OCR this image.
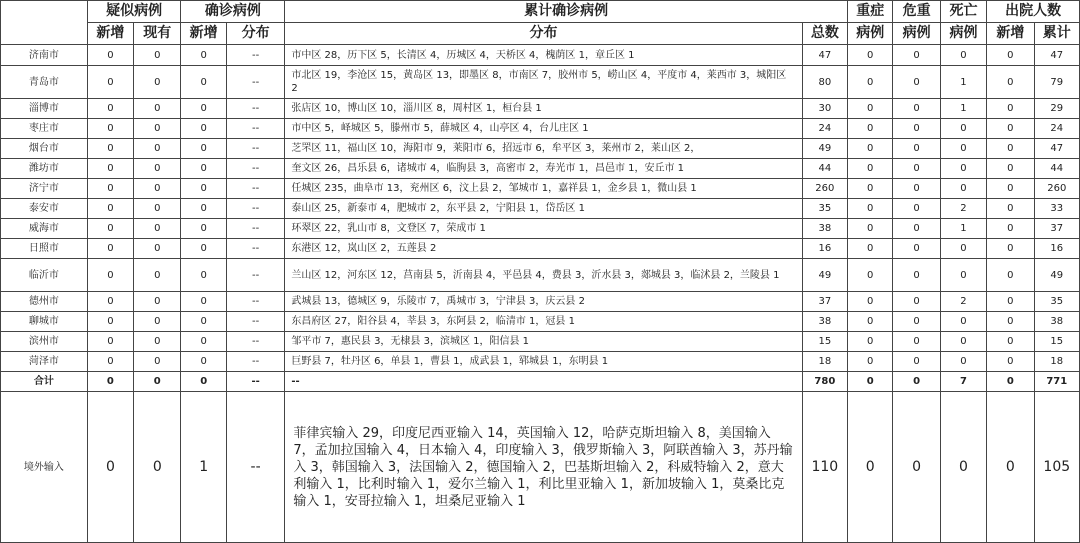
	疑似病例		确诊病例		累计确诊病例		重症	危重	死亡	出院人数	
	新增	现有	新增	分布	分布	总数	病例	病例	病例	新增	累计
济南市	0	0	0	--	市中区 28，历下区 5，长清区 4，历城区 4，天桥区 4，槐荫区 1，章丘区 1	47	0	0	0	0	47
青岛市	0	0	0	--	市北区 19，李沧区 15，黄岛区 13，即墨区 8，市南区 7，胶州市 5，崂山区 4，平度市 4，莱西市 3，城阳区 2	80	0	0	1	0	79
淄博市	0	0	0	--	张店区 10，博山区 10，淄川区 8，周村区 1，桓台县 1	30	0	0	1	0	29
枣庄市	0	0	0	--	市中区 5，峄城区 5，滕州市 5，薛城区 4，山亭区 4，台儿庄区 1	24	0	0	0	0	24
烟台市	0	0	0	--	芝罘区 11，福山区 10，海阳市 9，莱阳市 6，招远市 6，牟平区 3，莱州市 2，莱山区 2，	49	0	0	0	0	47
潍坊市	0	0	0	--	奎文区 26，昌乐县 6，诸城市 4，临朐县 3，高密市 2，寿光市 1，昌邑市 1，安丘市 1	44	0	0	0	0	44
济宁市	0	0	0	--	任城区 235，曲阜市 13，兖州区 6，汶上县 2，邹城市 1，嘉祥县 1，金乡县 1，微山县 1	260	0	0	0	0	260
泰安市	0	0	0	--	泰山区 25，新泰市 4，肥城市 2，东平县 2，宁阳县 1，岱岳区 1	35	0	0	2	0	33
威海市	0	0	0	--	环翠区 22，乳山市 8，文登区 7，荣成市 1	38	0	0	1	0	37
日照市	0	0	0	--	东港区 12，岚山区 2，五莲县 2	16	0	0	0	0	16
临沂市	0	0	0	--	兰山区 12，河东区 12，莒南县 5，沂南县 4，平邑县 4，费县 3，沂水县 3，郯城县 3，临沭县 2，兰陵县 1	49	0	0	0	0	49
德州市	0	0	0	--	武城县 13，德城区 9，乐陵市 7，禹城市 3，宁津县 3，庆云县 2	37	0	0	2	0	35
聊城市	0	0	0	--	东昌府区 27，阳谷县 4，莘县 3，东阿县 2，临清市 1，冠县 1	38	0	0	0	0	38
滨州市	0	0	0	--	邹平市 7，惠民县 3，无棣县 3，滨城区 1，阳信县 1	15	0	0	0	0	15
菏泽市	0	0	0	--	巨野县 7，牡丹区 6，单县 1，曹县 1，成武县 1，郓城县 1，东明县 1	18	0	0	0	0	18
合计	0	0	0	--	--	780	0	0	7	0	771
境外输入	0	0	1	--	菲律宾输入 29，印度尼西亚输入 14，英国输入 12，哈萨克斯坦输入 8，美国输入 7，孟加拉国输入 4，日本输入 4，印度输入 3，俄罗斯输入 3，阿联酋输入 3，苏丹输入 3，韩国输入 3，法国输入 2，德国输入 2，巴基斯坦输入 2，科威特输入 2，意大利输入 1，比利时输入 1，爱尔兰输入 1，利比里亚输入 1，新加坡输入 1，莫桑比克输入 1，安哥拉输入 1，坦桑尼亚输入 1	110	0	0	0	0	105
